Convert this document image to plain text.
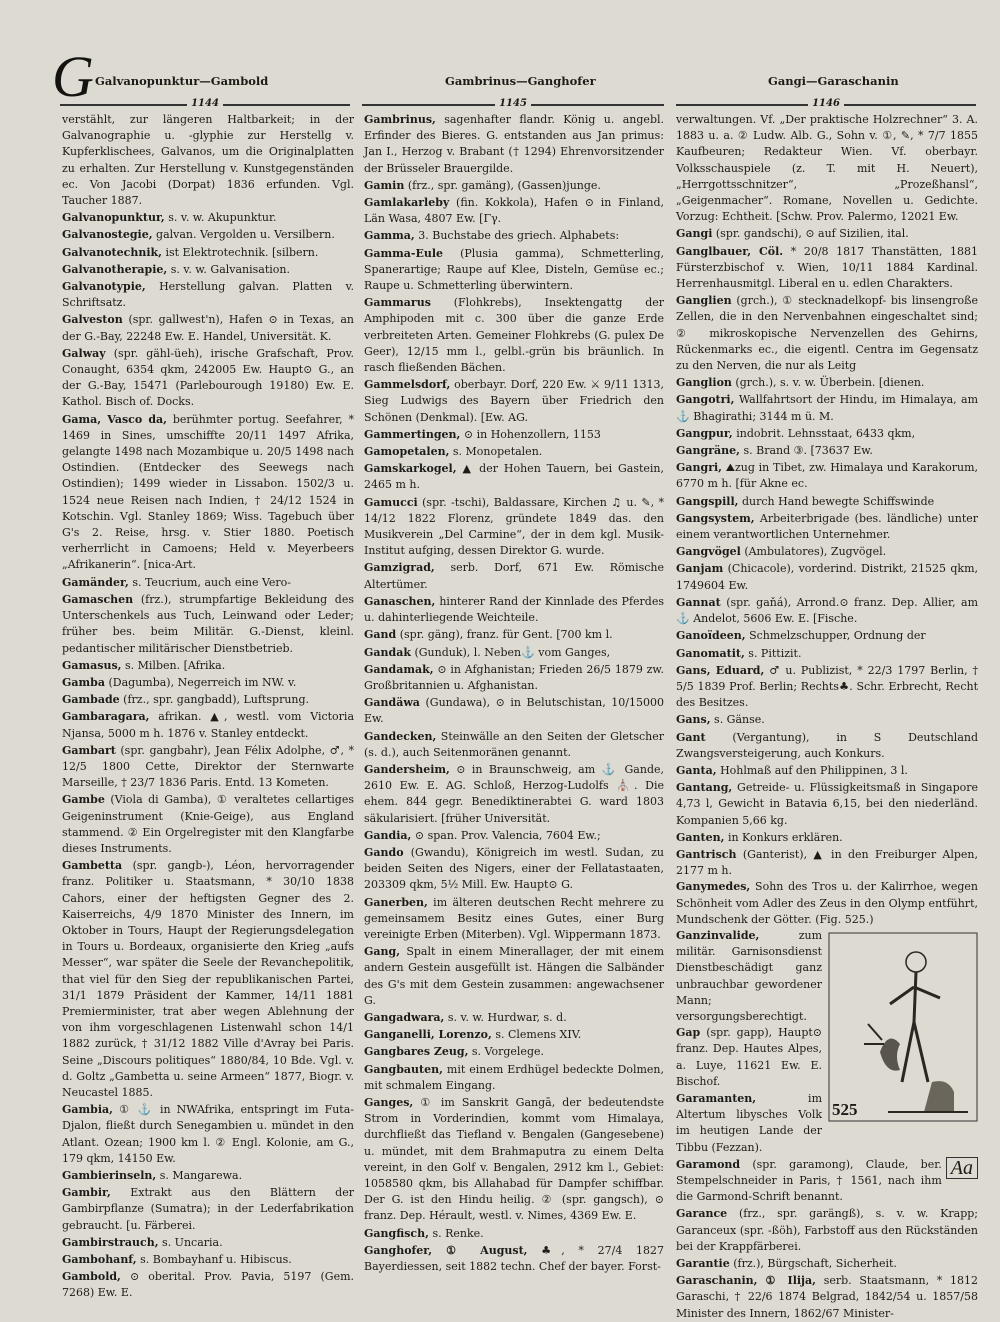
G Galvanopunktur—Gambold	Gambrinus—Ganghofer	Gangi—Garaschanin
1144	1145	1146

verstählt, zur längeren Haltbarkeit; in der Galvanographie u. -glyphie zur Herstellg v. Kupferklischees, Galvanos, um die Originalplatten zu erhalten. Zur Herstellung v. Kunstgegenständen ec. Von Jacobi (Dorpat) 1836 erfunden. Vgl. Taucher 1887.

Galvanopunktur, s. v. w. Akupunktur.

Galvanostegie, galvan. Vergolden u. Versilbern.

Galvanotechnik, ist Elektrotechnik. [silbern.

Galvanotherapie, s. v. w. Galvanisation.

Galvanotypie, Herstellung galvan. Platten v. Schriftsatz.

Galveston (spr. gallwest'n), Hafen ⊙ in Texas, an der G.-Bay, 22248 Ew. E. Handel, Universität. K.

Galway (spr. gähl-üeh), irische Grafschaft, Prov. Conaught, 6354 qkm, 242005 Ew. Haupt⊙ G., an der G.-Bay, 15471 (Parlebourough 19180) Ew. E. Kathol. Bisch of. Docks.

Gama, Vasco da, berühmter portug. Seefahrer, * 1469 in Sines, umschiffte 20/11 1497 Afrika, gelangte 1498 nach Mozambique u. 20/5 1498 nach Ostindien. (Entdecker des Seewegs nach Ostindien); 1499 wieder in Lissabon. 1502/3 u. 1524 neue Reisen nach Indien, † 24/12 1524 in Kotschin. Vgl. Stanley 1869; Wiss. Tagebuch über G's 2. Reise, hrsg. v. Stier 1880. Poetisch verherrlicht in Camoens; Held v. Meyerbeers „Afrikanerin“. [nica-Art.

Gamänder, s. Teucrium, auch eine Vero-

Gamaschen (frz.), strumpfartige Bekleidung des Unterschenkels aus Tuch, Leinwand oder Leder; früher bes. beim Militär. G.-Dienst, kleinl. pedantischer militärischer Dienstbetrieb.

Gamasus, s. Milben. [Afrika.

Gamba (Dagumba), Negerreich im NW. v.

Gambade (frz., spr. gangbadd), Luftsprung.

Gambaragara, afrikan. ▲, westl. vom Victoria Njansa, 5000 m h. 1876 v. Stanley entdeckt.

Gambart (spr. gangbahr), Jean Félix Adolphe, ♂, * 12/5 1800 Cette, Direktor der Sternwarte Marseille, † 23/7 1836 Paris. Entd. 13 Kometen.

Gambe (Viola di Gamba), ① veraltetes cellartiges Geigeninstrument (Knie-Geige), aus England stammend. ② Ein Orgelregister mit den Klangfarbe dieses Instruments.

Gambetta (spr. gangb-), Léon, hervorragender franz. Politiker u. Staatsmann, * 30/10 1838 Cahors, einer der heftigsten Gegner des 2. Kaiserreichs, 4/9 1870 Minister des Innern, im Oktober in Tours, Haupt der Regierungsdelegation in Tours u. Bordeaux, organisierte den Krieg „aufs Messer“, war später die Seele der Revanchepolitik, that viel für den Sieg der republikanischen Partei, 31/1 1879 Präsident der Kammer, 14/11 1881 Premierminister, trat aber wegen Ablehnung der von ihm vorgeschlagenen Listenwahl schon 14/1 1882 zurück, † 31/12 1882 Ville d'Avray bei Paris. Seine „Discours politiques“ 1880/84, 10 Bde. Vgl. v. d. Goltz „Gambetta u. seine Armeen“ 1877, Biogr. v. Neucastel 1885.

Gambia, ① ⚓ in NWAfrika, entspringt im Futa-Djalon, fließt durch Senegambien u. mündet in den Atlant. Ozean; 1900 km l. ② Engl. Kolonie, am G., 179 qkm, 14150 Ew.

Gambierinseln, s. Mangarewa.

Gambir, Extrakt aus den Blättern der Gambirpflanze (Sumatra); in der Lederfabrikation gebraucht. [u. Färberei.

Gambirstrauch, s. Uncaria.

Gambohanf, s. Bombayhanf u. Hibiscus.

Gambold, ⊙ oberital. Prov. Pavia, 5197 (Gem. 7268) Ew. E.

Gambrinus, sagenhafter flandr. König u. angebl. Erfinder des Bieres. G. entstanden aus Jan primus: Jan I., Herzog v. Brabant († 1294) Ehrenvorsitzender der Brüsseler Brauergilde.

Gamin (frz., spr. gamäng), (Gassen)junge.

Gamlakarleby (fin. Kokkola), Hafen ⊙ in Finland, Län Wasa, 4807 Ew. [Γγ.

Gamma, 3. Buchstabe des griech. Alphabets:

Gamma-Eule (Plusia gamma), Schmetterling, Spanerartige; Raupe auf Klee, Disteln, Gemüse ec.; Raupe u. Schmetterling überwintern.

Gammarus (Flohkrebs), Insektengattg der Amphipoden mit c. 300 über die ganze Erde verbreiteten Arten. Gemeiner Flohkrebs (G. pulex De Geer), 12/15 mm l., gelbl.-grün bis bräunlich. In rasch fließenden Bächen.

Gammelsdorf, oberbayr. Dorf, 220 Ew. ⚔ 9/11 1313, Sieg Ludwigs des Bayern über Friedrich den Schönen (Denkmal). [Ew. AG.

Gammertingen, ⊙ in Hohenzollern, 1153

Gamopetalen, s. Monopetalen.

Gamskarkogel, ▲ der Hohen Tauern, bei Gastein, 2465 m h.

Gamucci (spr. -tschi), Baldassare, Kirchen ♫ u. ✎, * 14/12 1822 Florenz, gründete 1849 das. den Musikverein „Del Carmine“, der in dem kgl. Musik-Institut aufging, dessen Direktor G. wurde.

Gamzigrad, serb. Dorf, 671 Ew. Römische Altertümer.

Ganaschen, hinterer Rand der Kinnlade des Pferdes u. dahinterliegende Weichteile.

Gand (spr. gäng), franz. für Gent. [700 km l.

Gandak (Gunduk), l. Neben⚓ vom Ganges,

Gandamak, ⊙ in Afghanistan; Frieden 26/5 1879 zw. Großbritannien u. Afghanistan.

Gandäwa (Gundawa), ⊙ in Belutschistan, 10/15000 Ew.

Gandecken, Steinwälle an den Seiten der Gletscher (s. d.), auch Seitenmoränen genannt.

Gandersheim, ⊙ in Braunschweig, am ⚓ Gande, 2610 Ew. E. AG. Schloß, Herzog-Ludolfs ⛪. Die ehem. 844 gegr. Benediktinerabtei G. ward 1803 säkularisiert. [früher Universität.

Gandia, ⊙ span. Prov. Valencia, 7604 Ew.;

Gando (Gwandu), Königreich im westl. Sudan, zu beiden Seiten des Nigers, einer der Fellatastaaten, 203309 qkm, 5½ Mill. Ew. Haupt⊙ G.

Ganerben, im älteren deutschen Recht mehrere zu gemeinsamem Besitz eines Gutes, einer Burg vereinigte Erben (Miterben). Vgl. Wippermann 1873.

Gang, Spalt in einem Minerallager, der mit einem andern Gestein ausgefüllt ist. Hängen die Salbänder des G's mit dem Gestein zusammen: angewachsener G.

Gangadwara, s. v. w. Hurdwar, s. d.

Ganganelli, Lorenzo, s. Clemens XIV.

Gangbares Zeug, s. Vorgelege.

Gangbauten, mit einem Erdhügel bedeckte Dolmen, mit schmalem Eingang.

Ganges, ① im Sanskrit Gangā, der bedeutendste Strom in Vorderindien, kommt vom Himalaya, durchfließt das Tiefland v. Bengalen (Gangesebene) u. mündet, mit dem Brahmaputra zu einem Delta vereint, in den Golf v. Bengalen, 2912 km l., Gebiet: 1058580 qkm, bis Allahabad für Dampfer schiffbar. Der G. ist den Hindu heilig. ② (spr. gangsch), ⊙ franz. Dep. Hérault, westl. v. Nimes, 4369 Ew. E.

Gangfisch, s. Renke.

Ganghofer, ① August, ♣, * 27/4 1827 Bayerdiessen, seit 1882 techn. Chef der bayer. Forst-

verwaltungen. Vf. „Der praktische Holzrechner“ 3. A. 1883 u. a. ② Ludw. Alb. G., Sohn v. ①, ✎, * 7/7 1855 Kaufbeuren; Redakteur Wien. Vf. oberbayr. Volksschauspiele (z. T. mit H. Neuert), „Herrgottsschnitzer“, „Prozeßhansl“, „Geigenmacher“. Romane, Novellen u. Gedichte. Vorzug: Echtheit. [Schw. Prov. Palermo, 12021 Ew.

Gangi (spr. gandschi), ⊙ auf Sizilien, ital.

Ganglbauer, Cöl. * 20/8 1817 Thanstätten, 1881 Fürsterzbischof v. Wien, 10/11 1884 Kardinal. Herrenhausmitgl. Liberal en u. edlen Charakters.

Ganglien (grch.), ① stecknadelkopf- bis linsengroße Zellen, die in den Nervenbahnen eingeschaltet sind; ② mikroskopische Nervenzellen des Gehirns, Rückenmarks ec., die eigentl. Centra im Gegensatz zu den Nerven, die nur als Leitg

Ganglion (grch.), s. v. w. Überbein. [dienen.

Gangotri, Wallfahrtsort der Hindu, im Himalaya, am ⚓ Bhagirathi; 3144 m ü. M.

Gangpur, indobrit. Lehnsstaat, 6433 qkm,

Gangräne, s. Brand ③. [73637 Ew.

Gangri, ⛰zug in Tibet, zw. Himalaya und Karakorum, 6770 m h. [für Akne ec.

Gangspill, durch Hand bewegte Schiffswinde

Gangsystem, Arbeiterbrigade (bes. ländliche) unter einem verantwortlichen Unternehmer.

Gangvögel (Ambulatores), Zugvögel.

Ganjam (Chicacole), vorderind. Distrikt, 21525 qkm, 1749604 Ew.

Gannat (spr. gaňá), Arrond.⊙ franz. Dep. Allier, am ⚓ Andelot, 5606 Ew. E. [Fische.

Ganoïdeen, Schmelzschupper, Ordnung der

Ganomatit, s. Pittizit.

Gans, Eduard, ♂ u. Publizist, * 22/3 1797 Berlin, † 5/5 1839 Prof. Berlin; Rechts♣. Schr. Erbrecht, Recht des Besitzes.

Gans, s. Gänse.

Gant (Vergantung), in S Deutschland Zwangsversteigerung, auch Konkurs.

Ganta, Hohlmaß auf den Philippinen, 3 l.

Gantang, Getreide- u. Flüssigkeitsmaß in Singapore 4,73 l, Gewicht in Batavia 6,15, bei den niederländ. Kompanien 5,66 kg.

Ganten, in Konkurs erklären.

Gantrisch (Ganterist), ▲ in den Freiburger Alpen, 2177 m h.

Ganymedes, Sohn des Tros u. der Kalirrhoe, wegen Schönheit vom Adler des Zeus in den Olymp entführt, Mundschenk der Götter. (Fig. 525.)

525

Ganzinvalide,	zum militär. Garnisonsdienst Dienstbeschädigt ganz unbrauchbar gewordener Mann; versorgungsberechtigt.

Gap (spr. gapp), Haupt⊙ franz. Dep. Hautes Alpes, a. Luye, 11621 Ew. E. Bischof.

Garamanten,	im Altertum libysches Volk im heutigen Lande der Tibbu (Fezzan).

Aa
Garamond (spr. garamong), Claude, ber. Stempelschneider in Paris, † 1561, nach ihm die Garmond-Schrift benannt.

Garance (frz., spr. garängß), s. v. w. Krapp; Garanceux (spr. -ßöh), Farbstoff aus den Rückständen bei der Krappfärberei.

Garantie (frz.), Bürgschaft, Sicherheit.

Garaschanin, ① Ilija, serb. Staatsmann, * 1812 Garaschi, † 22/6 1874 Belgrad, 1842/54 u. 1857/58 Minister des Innern, 1862/67 Minister-
